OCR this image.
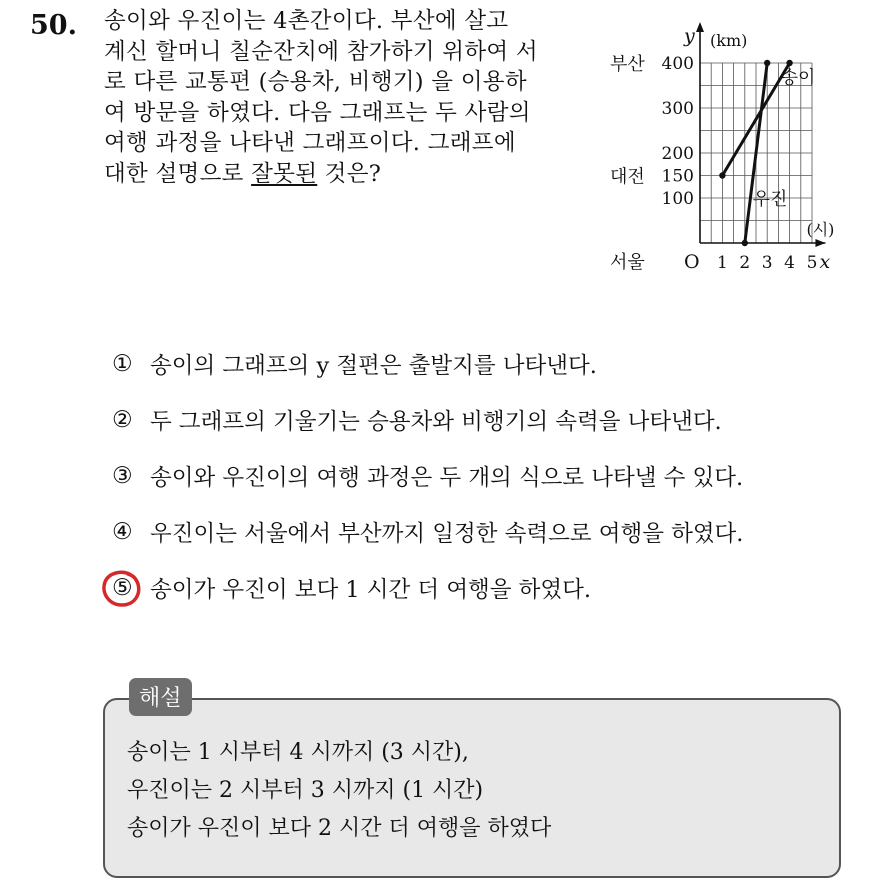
50. 송이와 우진이는 4촌간이다. 부산에 살고
계신 할머니 칠순잔치에 참가하기 위하여 서
로 다른 교통편 (승용차, 비행기) 을 이용하
여 방문을 하였다. 다음 그래프는 두 사람의
여행 과정을 나타낸 그래프이다. 그래프에
대한 설명으로 잘못된 것은?
y (km)
x
(시)
O
400
300
200
150
100
1 2 3 4 5
부산
대전
서울
송이
우진
① 송이의 그래프의 y 절편은 출발지를 나타낸다.
② 두 그래프의 기울기는 승용차와 비행기의 속력을 나타낸다.
③ 송이와 우진이의 여행 과정은 두 개의 식으로 나타낼 수 있다.
④ 우진이는 서울에서 부산까지 일정한 속력으로 여행을 하였다.
⑤ 송이가 우진이 보다 1 시간 더 여행을 하였다.
해설
송이는 1 시부터 4 시까지 (3 시간),
우진이는 2 시부터 3 시까지 (1 시간)
송이가 우진이 보다 2 시간 더 여행을 하였다
